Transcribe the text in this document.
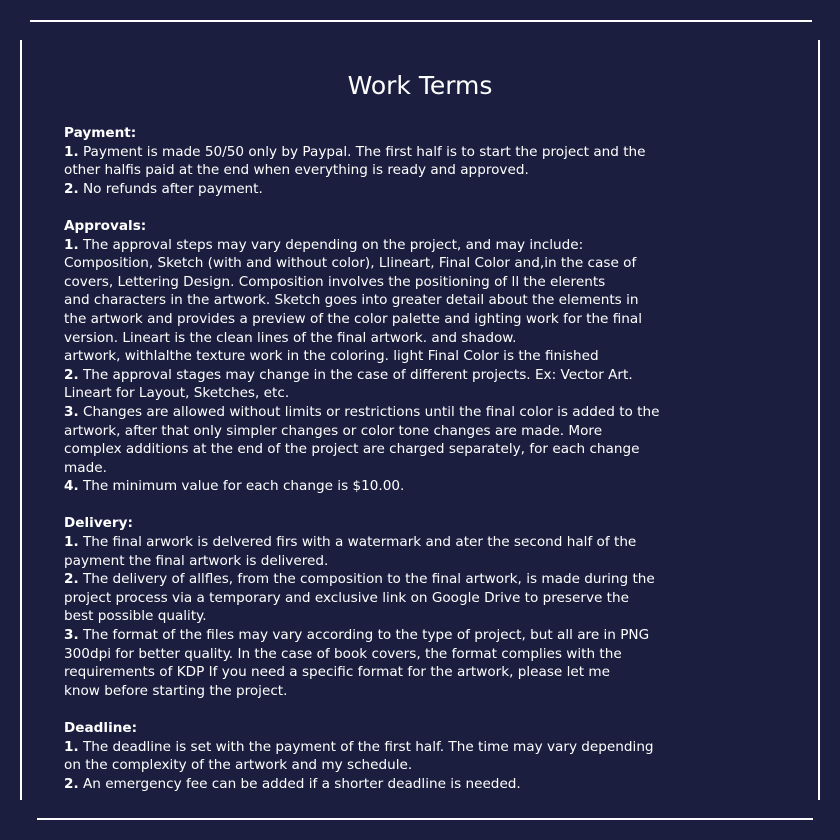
Work Terms
Payment:
1. Payment is made 50/50 only by Paypal. The first half is to start the project and the
other halfis paid at the end when everything is ready and approved.
2. No refunds after payment.
Approvals:
1. The approval steps may vary depending on the project, and may include:
Composition, Sketch (with and without color), Llineart, Final Color and,in the case of
covers, Lettering Design. Composition involves the positioning of ll the elerents
and characters in the artwork. Sketch goes into greater detail about the elements in
the artwork and provides a preview of the color palette and ighting work for the final
version. Lineart is the clean lines of the final artwork. and shadow.
artwork, withlalthe texture work in the coloring. light Final Color is the finished
2. The approval stages may change in the case of different projects. Ex: Vector Art.
Lineart for Layout, Sketches, etc.
3. Changes are allowed without limits or restrictions until the final color is added to the
artwork, after that only simpler changes or color tone changes are made. More
complex additions at the end of the project are charged separately, for each change
made.
4. The minimum value for each change is $10.00.
Delivery:
1. The final arwork is delvered firs with a watermark and ater the second half of the
payment the final artwork is delivered.
2. The delivery of allfles, from the composition to the final artwork, is made during the
project process via a temporary and exclusive link on Google Drive to preserve the
best possible quality.
3. The format of the files may vary according to the type of project, but all are in PNG
300dpi for better quality. In the case of book covers, the format complies with the
requirements of KDP If you need a specific format for the artwork, please let me
know before starting the project.
Deadline:
1. The deadline is set with the payment of the first half. The time may vary depending
on the complexity of the artwork and my schedule.
2. An emergency fee can be added if a shorter deadline is needed.
